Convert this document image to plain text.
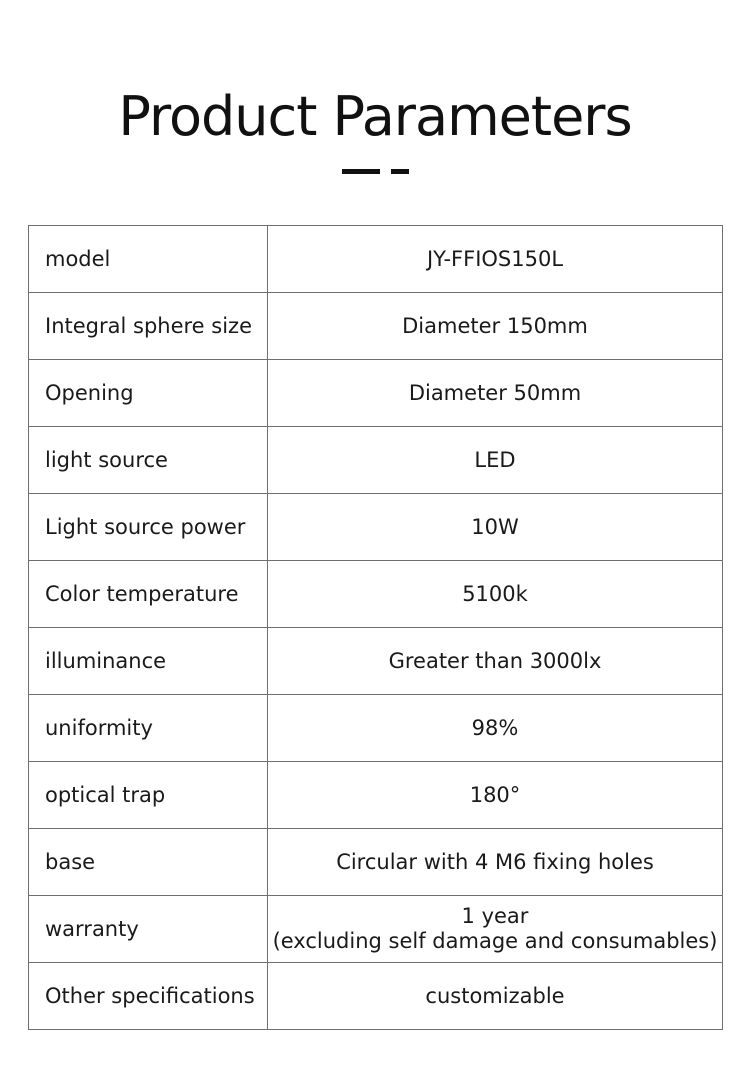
Product Parameters
model	JY-FFIOS150L

Integral sphere size	Diameter 150mm

Opening	Diameter 50mm

light source	LED

Light source power	10W

Color temperature	5100k

illuminance	Greater than 3000lx

uniformity	98%

optical trap	180°

base	Circular with 4 M6 fixing holes

warranty	1 year
(excluding self damage and consumables)

Other specifications	customizable
